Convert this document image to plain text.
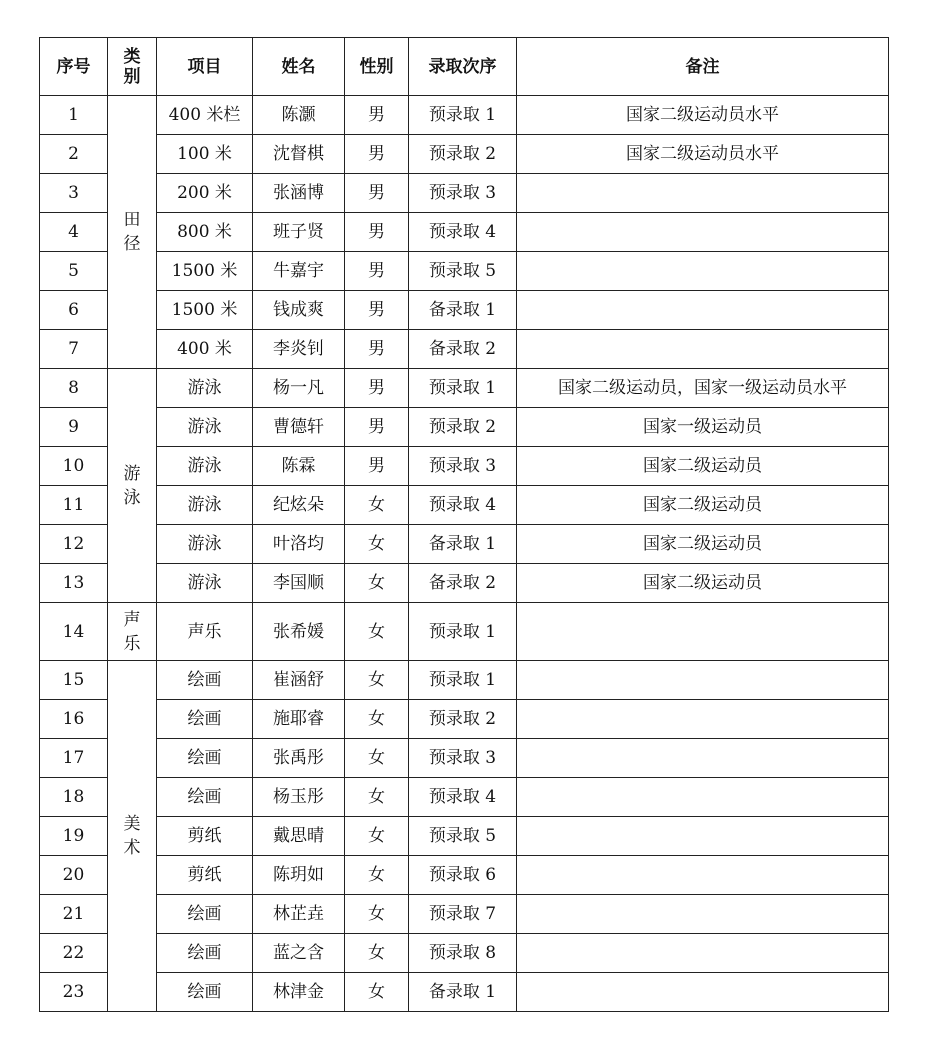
序号	类别	项目	姓名	性别	录取次序	备注
1	田径	400 米栏	陈灏	男	预录取 1	国家二级运动员水平
2		100 米	沈督棋	男	预录取 2	国家二级运动员水平
3		200 米	张涵博	男	预录取 3	
4		800 米	班子贤	男	预录取 4	
5		1500 米	牛嘉宇	男	预录取 5	
6		1500 米	钱成爽	男	备录取 1	
7		400 米	李炎钊	男	备录取 2	
8	游泳	游泳	杨一凡	男	预录取 1	国家二级运动员，国家一级运动员水平
9		游泳	曹德轩	男	预录取 2	国家一级运动员
10		游泳	陈霖	男	预录取 3	国家二级运动员
11		游泳	纪炫朵	女	预录取 4	国家二级运动员
12		游泳	叶洛均	女	备录取 1	国家二级运动员
13		游泳	李国顺	女	备录取 2	国家二级运动员
14	声乐	声乐	张希媛	女	预录取 1	
15	美术	绘画	崔涵舒	女	预录取 1	
16		绘画	施耶睿	女	预录取 2	
17		绘画	张禹彤	女	预录取 3	
18		绘画	杨玉彤	女	预录取 4	
19		剪纸	戴思晴	女	预录取 5	
20		剪纸	陈玥如	女	预录取 6	
21		绘画	林芷垚	女	预录取 7	
22		绘画	蓝之含	女	预录取 8	
23		绘画	林津金	女	备录取 1	
